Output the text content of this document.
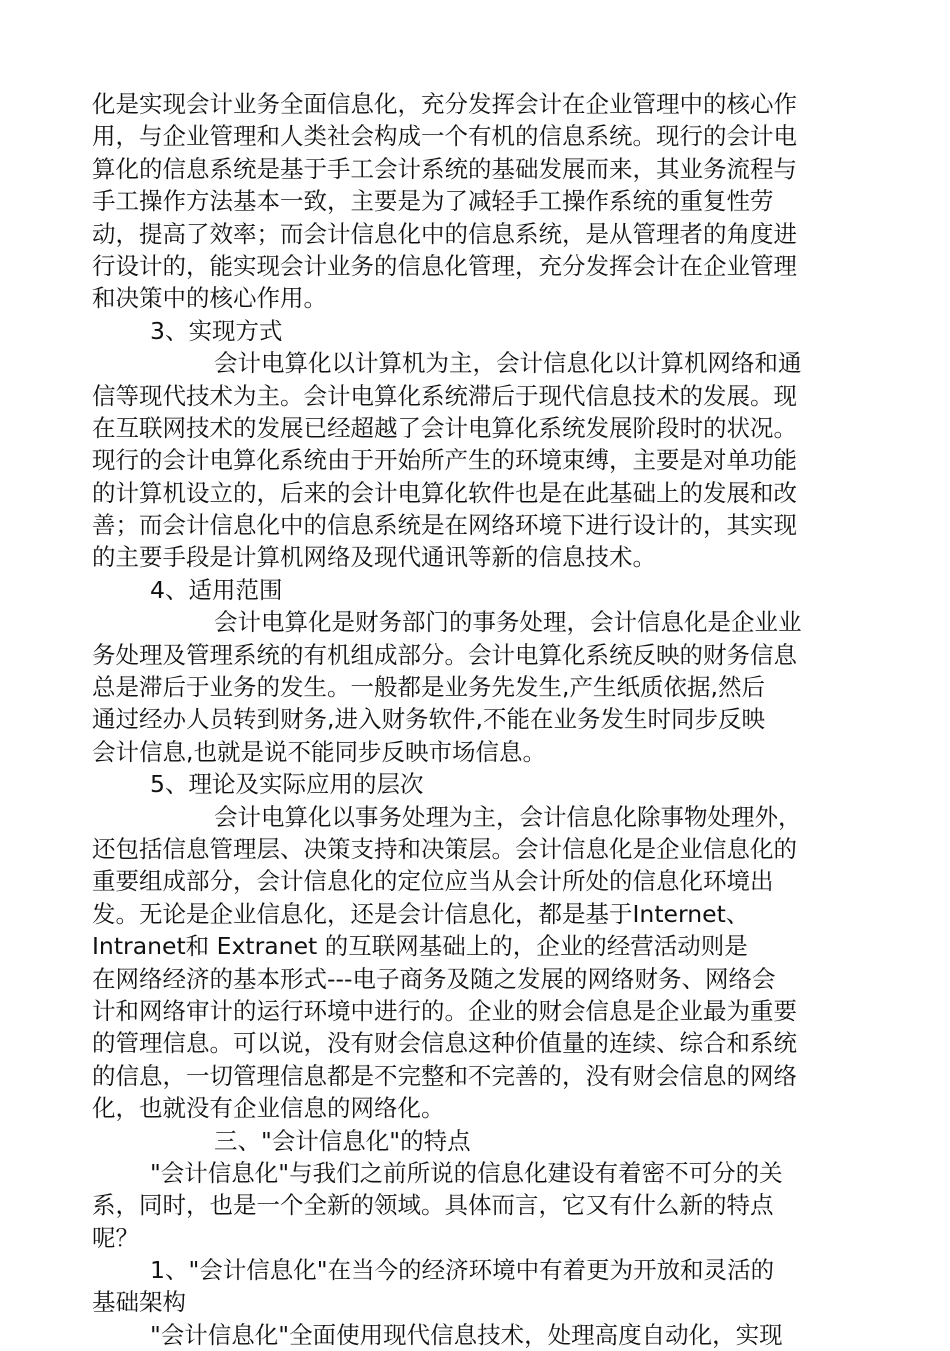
化是实现会计业务全面信息化，充分发挥会计在企业管理中的核心作
用，与企业管理和人类社会构成一个有机的信息系统。现行的会计电
算化的信息系统是基于手工会计系统的基础发展而来，其业务流程与
手工操作方法基本一致，主要是为了减轻手工操作系统的重复性劳
动，提高了效率；而会计信息化中的信息系统，是从管理者的角度进
行设计的，能实现会计业务的信息化管理，充分发挥会计在企业管理
和决策中的核心作用。
3、实现方式
会计电算化以计算机为主，会计信息化以计算机网络和通
信等现代技术为主。会计电算化系统滞后于现代信息技术的发展。现
在互联网技术的发展已经超越了会计电算化系统发展阶段时的状况。
现行的会计电算化系统由于开始所产生的环境束缚，主要是对单功能
的计算机设立的，后来的会计电算化软件也是在此基础上的发展和改
善；而会计信息化中的信息系统是在网络环境下进行设计的，其实现
的主要手段是计算机网络及现代通讯等新的信息技术。
4、适用范围
会计电算化是财务部门的事务处理，会计信息化是企业业
务处理及管理系统的有机组成部分。会计电算化系统反映的财务信息
总是滞后于业务的发生。一般都是业务先发生,产生纸质依据,然后
通过经办人员转到财务,进入财务软件,不能在业务发生时同步反映
会计信息,也就是说不能同步反映市场信息。
5、理论及实际应用的层次
会计电算化以事务处理为主，会计信息化除事物处理外，
还包括信息管理层、决策支持和决策层。会计信息化是企业信息化的
重要组成部分，会计信息化的定位应当从会计所处的信息化环境出
发。无论是企业信息化，还是会计信息化，都是基于Internet、
Intranet和 Extranet 的互联网基础上的，企业的经营活动则是
在网络经济的基本形式---电子商务及随之发展的网络财务、网络会
计和网络审计的运行环境中进行的。企业的财会信息是企业最为重要
的管理信息。可以说，没有财会信息这种价值量的连续、综合和系统
的信息，一切管理信息都是不完整和不完善的，没有财会信息的网络
化，也就没有企业信息的网络化。
三、"会计信息化"的特点
"会计信息化"与我们之前所说的信息化建设有着密不可分的关
系，同时，也是一个全新的领域。具体而言，它又有什么新的特点
呢？
1、"会计信息化"在当今的经济环境中有着更为开放和灵活的
基础架构
"会计信息化"全面使用现代信息技术，处理高度自动化，实现
